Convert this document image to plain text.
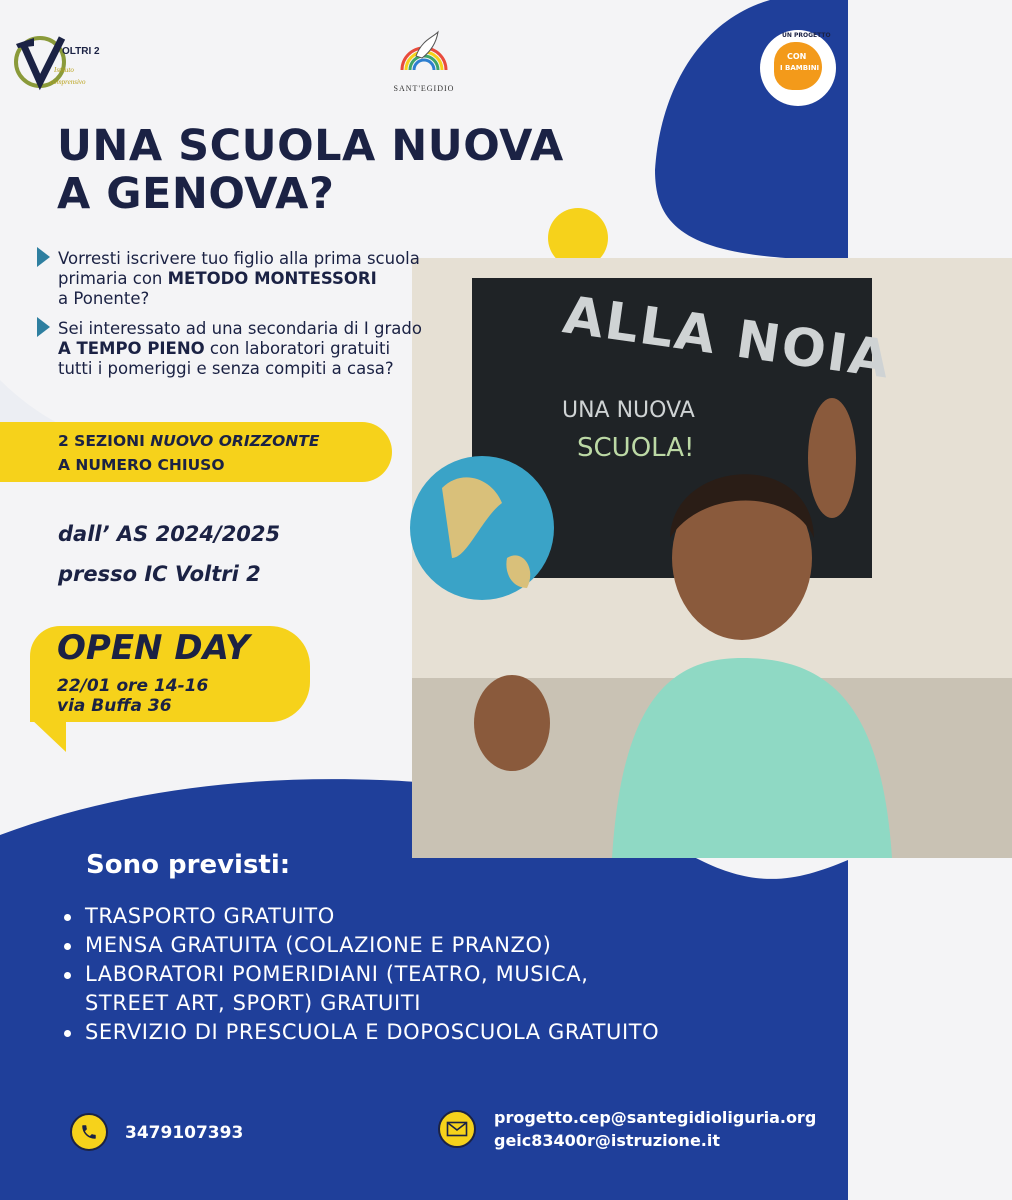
OLTRI 2
Istituto
comprensivo
SANT'EGIDIO
UN PROGETTO
CON
I BAMBINI
UNA SCUOLA NUOVA
A GENOVA?
ALLA NOIA
UNA NUOVA
SCUOLA!
Vorresti iscrivere tuo figlio alla prima scuola
primaria con METODO MONTESSORI
a Ponente?
Sei interessato ad una secondaria di I grado
A TEMPO PIENO con laboratori gratuiti
tutti i pomeriggi e senza compiti a casa?
2 SEZIONI NUOVO ORIZZONTE
A NUMERO CHIUSO
dall’ AS 2024/2025
presso IC Voltri 2
OPEN DAY
22/01 ore 14-16
via Buffa 36
Sono previsti:
TRASPORTO GRATUITO
MENSA GRATUITA (COLAZIONE E PRANZO)
LABORATORI POMERIDIANI (TEATRO, MUSICA,
STREET ART, SPORT) GRATUITI
SERVIZIO DI PRESCUOLA E DOPOSCUOLA GRATUITO
3479107393
progetto.cep@santegidioliguria.org
geic83400r@istruzione.it
